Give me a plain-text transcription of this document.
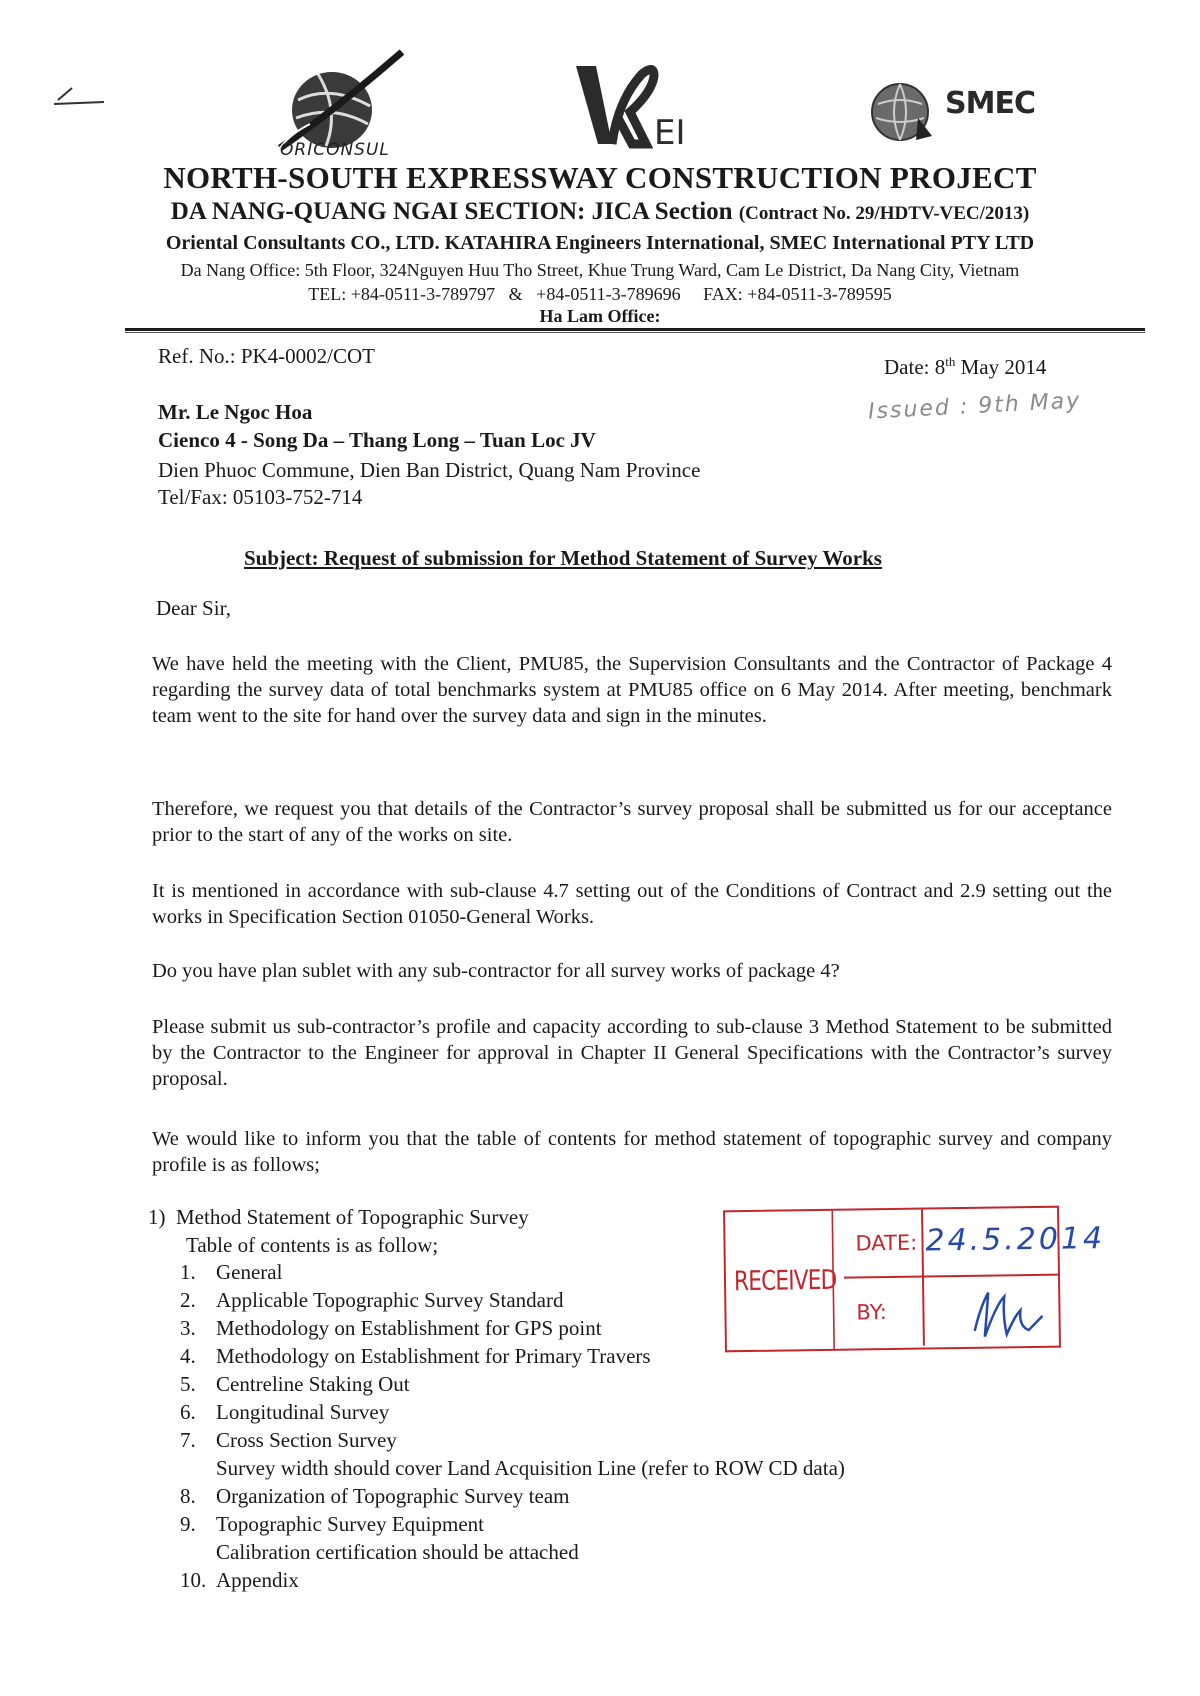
ORICONSUL	EI
SMEC
NORTH-SOUTH EXPRESSWAY CONSTRUCTION PROJECT
DA NANG-QUANG NGAI SECTION: JICA Section (Contract No. 29/HDTV-VEC/2013)
Oriental Consultants CO., LTD. KATAHIRA Engineers International, SMEC International PTY LTD
Da Nang Office: 5th Floor, 324Nguyen Huu Tho Street, Khue Trung Ward, Cam Le District, Da Nang City, Vietnam
TEL: +84-0511-3-789797   &   +84-0511-3-789696     FAX: +84-0511-3-789595
Ha Lam Office:
Ref. No.: PK4-0002/COT	Date: 8th May 2014
Issued : 9th May
Mr. Le Ngoc Hoa
Cienco 4 - Song Da – Thang Long – Tuan Loc JV
Dien Phuoc Commune, Dien Ban District, Quang Nam Province
Tel/Fax: 05103-752-714
Subject: Request of submission for Method Statement of Survey Works
Dear Sir,

We have held the meeting with the Client, PMU85, the Supervision Consultants and the Contractor of Package 4 regarding the survey data of total benchmarks system at PMU85 office on 6 May 2014. After meeting, benchmark team went to the site for hand over the survey data and sign in the minutes.

Therefore, we request you that details of the Contractor’s survey proposal shall be submitted us for our acceptance prior to the start of any of the works on site.

It is mentioned in accordance with sub-clause 4.7 setting out of the Conditions of Contract and 2.9 setting out the works in Specification Section 01050-General Works.

Do you have plan sublet with any sub-contractor for all survey works of package 4?

Please submit us sub-contractor’s profile and capacity according to sub-clause 3 Method Statement to be submitted by the Contractor to the Engineer for approval in Chapter II General Specifications with the Contractor’s survey proposal.

We would like to inform you that the table of contents for method statement of topographic survey and company profile is as follows;

1)  Method Statement of Topographic Survey
Table of contents is as follow;
1. General
2. Applicable Topographic Survey Standard
3. Methodology on Establishment for GPS point
4. Methodology on Establishment for Primary Travers
5. Centreline Staking Out
6. Longitudinal Survey
7. Cross Section Survey
Survey width should cover Land Acquisition Line (refer to ROW CD data)
8. Organization of Topographic Survey team
9. Topographic Survey Equipment
Calibration certification should be attached
10. Appendix
RECEIVED
DATE:
BY:
24.5.2014
